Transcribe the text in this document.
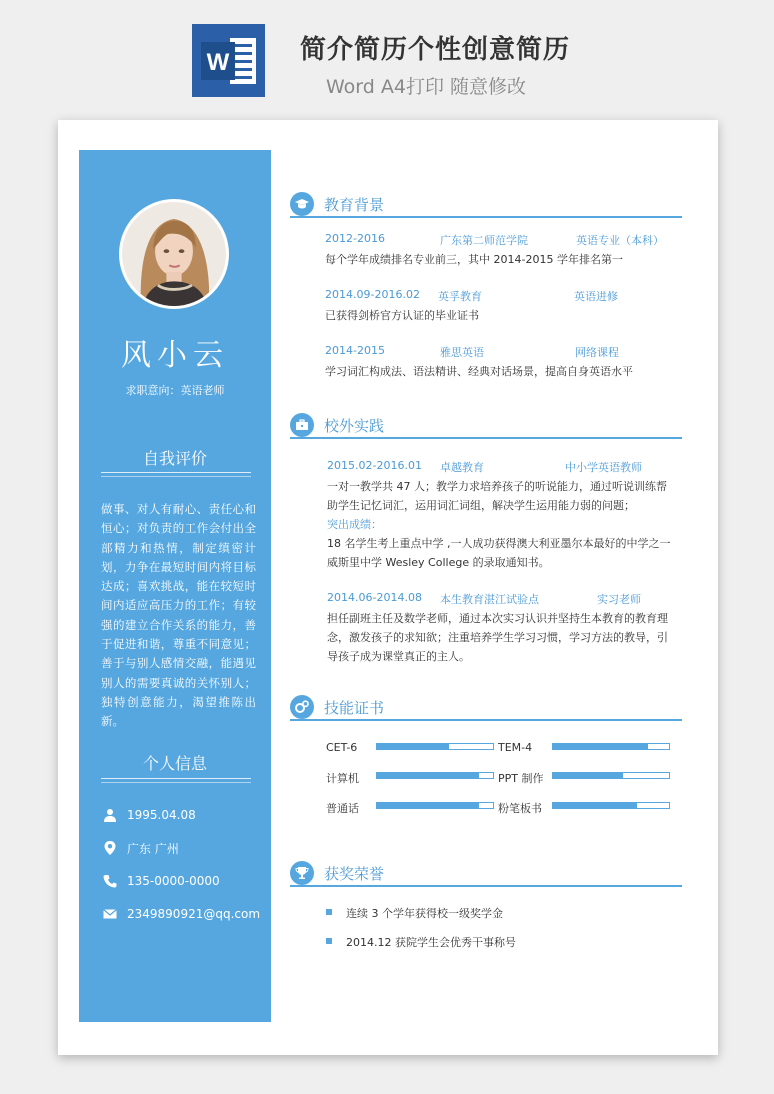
W	简介简历个性创意简历
Word A4打印 随意修改
风小云
求职意向：英语老师
自我评价
做事、对人有耐心、责任心和恒心；对负责的工作会付出全部精力和热情，制定缜密计划，力争在最短时间内将目标达成；喜欢挑战，能在较短时间内适应高压力的工作；有较强的建立合作关系的能力，善于促进和谐，尊重不同意见；善于与别人感情交融，能遇见别人的需要真诚的关怀别人；独特创意能力，渴望推陈出新。
个人信息
1995.04.08
广东 广州
135-0000-0000
2349890921@qq.com
教育背景
2012-2016	广东第二师范学院	英语专业（本科）
每个学年成绩排名专业前三，其中 2014-2015 学年排名第一
2014.09-2016.02 英孚教育	英语进修
已获得剑桥官方认证的毕业证书
2014-2015	雅思英语	网络课程
学习词汇构成法、语法精讲、经典对话场景，提高自身英语水平
校外实践
2015.02-2016.01 卓越教育	中小学英语教师
一对一教学共 47 人；教学力求培养孩子的听说能力，通过听说训练帮
助学生记忆词汇，运用词汇词组，解决学生运用能力弱的问题；
突出成绩：
18 名学生考上重点中学 ,一人成功获得澳大利亚墨尔本最好的中学之一
威斯里中学 Wesley College 的录取通知书。
2014.06-2014.08 本生教育湛江试验点	实习老师
担任副班主任及数学老师，通过本次实习认识并坚持生本教育的教育理
念，激发孩子的求知欲；注重培养学生学习习惯，学习方法的教导，引
导孩子成为课堂真正的主人。
技能证书
CET-6	TEM-4
计算机	PPT 制作
普通话	粉笔板书
获奖荣誉
连续 3 个学年获得校一级奖学金
2014.12 获院学生会优秀干事称号
